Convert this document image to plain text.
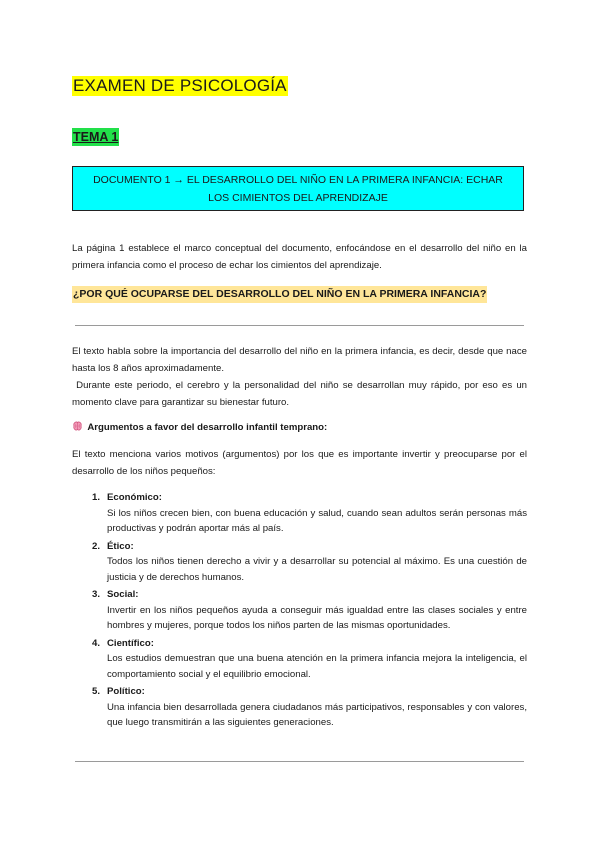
EXAMEN DE PSICOLOGÍA
TEMA 1
DOCUMENTO 1 → EL DESARROLLO DEL NIÑO EN LA PRIMERA INFANCIA: ECHAR
LOS CIMIENTOS DEL APRENDIZAJE
La página 1 establece el marco conceptual del documento, enfocándose en el desarrollo del niño en la primera infancia como el proceso de echar los cimientos del aprendizaje.
¿POR QUÉ OCUPARSE DEL DESARROLLO DEL NIÑO EN LA PRIMERA INFANCIA?
El texto habla sobre la importancia del desarrollo del niño en la primera infancia, es decir, desde que nace hasta los 8 años aproximadamente.
Durante este periodo, el cerebro y la personalidad del niño se desarrollan muy rápido, por eso es un momento clave para garantizar su bienestar futuro.
Argumentos a favor del desarrollo infantil temprano:
El texto menciona varios motivos (argumentos) por los que es importante invertir y preocuparse por el desarrollo de los niños pequeños:
1. Económico:
Si los niños crecen bien, con buena educación y salud, cuando sean adultos serán personas más productivas y podrán aportar más al país.
2. Ético:
Todos los niños tienen derecho a vivir y a desarrollar su potencial al máximo. Es una cuestión de justicia y de derechos humanos.
3. Social:
Invertir en los niños pequeños ayuda a conseguir más igualdad entre las clases sociales y entre hombres y mujeres, porque todos los niños parten de las mismas oportunidades.
4. Científico:
Los estudios demuestran que una buena atención en la primera infancia mejora la inteligencia, el comportamiento social y el equilibrio emocional.
5. Político:
Una infancia bien desarrollada genera ciudadanos más participativos, responsables y con valores, que luego transmitirán a las siguientes generaciones.
